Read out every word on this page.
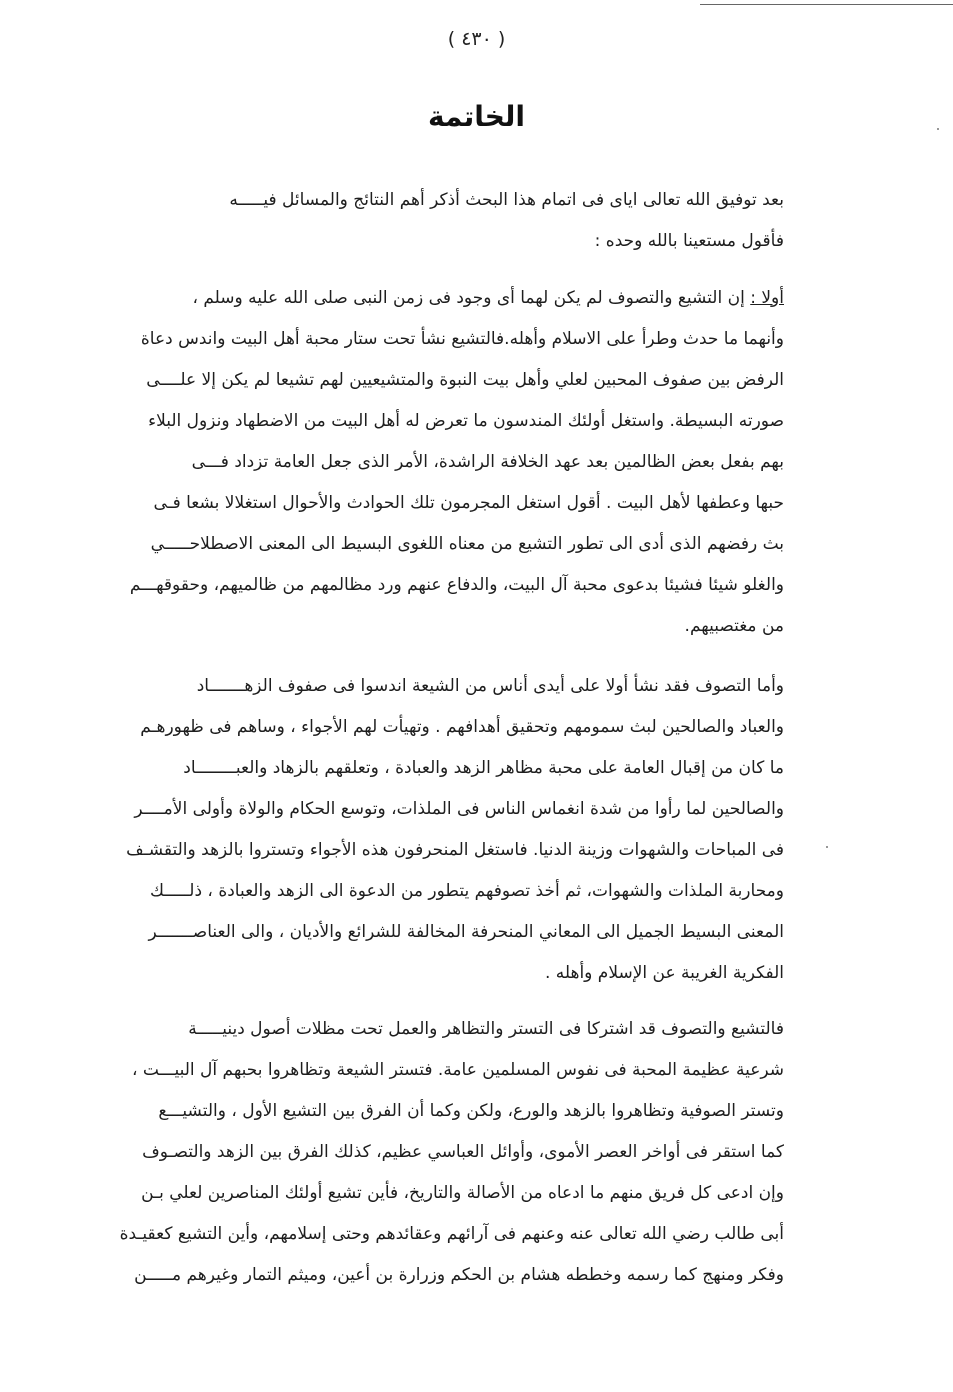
( ٤٣٠ )
الخاتمة

بعد توفيق الله تعالى اياى فى اتمام هذا البحث أذكر أهم النتائج والمسائل فيـــــه
فأقول مستعينا بالله وحده :

أولا : إن التشيع والتصوف لم يكن لهما أى وجود فى زمن النبى صلى الله عليه وسلم ،
وأنهما ما حدث وطرأ على الاسلام وأهله.فالتشيع نشأ تحت ستار محبة أهل البيت واندس دعاة
الرفض بين صفوف المحبين لعلي وأهل بيت النبوة والمتشيعيين لهم تشيعا لم يكن إلا علــــى
صورته البسيطة. واستغل أولئك المندسون ما تعرض له أهل البيت من الاضطهاد ونزول البلاء
بهم بفعل بعض الظالمين بعد عهد الخلافة الراشدة، الأمر الذى جعل العامة تزداد فـــى
حبها وعطفها لأهل البيت . أقول استغل المجرمون تلك الحوادث والأحوال استغلالا بشعا فـى
بث رفضهم الذى أدى الى تطور التشيع من معناه اللغوى البسيط الى المعنى الاصطلاحـــــي
والغلو شيئا فشيئا بدعوى محبة آل البيت، والدفاع عنهم ورد مظالمهم من ظالميهم، وحقوقهـــم
من مغتصبيهم.

وأما التصوف فقد نشأ أولا على أيدى أناس من الشيعة اندسوا فى صفوف الزهـــــــاد
والعباد والصالحين لبث سمومهم وتحقيق أهدافهم . وتهيأت لهم الأجواء ، وساهم فى ظهورهـم
ما كان من إقبال العامة على محبة مظاهر الزهد والعبادة ، وتعلقهم بالزهاد والعبــــــــاد
والصالحين لما رأوا من شدة انغماس الناس فى الملذات، وتوسع الحكام والولاة وأولى الأمــــر
فى المباحات والشهوات وزينة الدنيا. فاستغل المنحرفون هذه الأجواء وتستروا بالزهد والتقشـف
ومحاربة الملذات والشهوات، ثم أخذ تصوفهم يتطور من الدعوة الى الزهد والعبادة ، ذلـــــك
المعنى البسيط الجميل الى المعاني المنحرفة المخالفة للشرائع والأديان ، والى العناصـــــــر
الفكرية الغريبة عن الإسلام وأهله .

فالتشيع والتصوف قد اشتركا فى التستر والتظاهر والعمل تحت مظلات أصول دينيـــــة
شرعية عظيمة المحبة فى نفوس المسلمين عامة. فتستر الشيعة وتظاهروا بحبهم آل البيـــت ،
وتستر الصوفية وتظاهروا بالزهد والورع، ولكن وكما أن الفرق بين التشيع الأول ، والتشيـــع
كما استقر فى أواخر العصر الأموى، وأوائل العباسي عظيم، كذلك الفرق بين الزهد والتصـوف
وإن ادعى كل فريق منهم ما ادعاه من الأصالة والتاريخ، فأين تشيع أولئك المناصرين لعلي بـن
أبى طالب رضي الله تعالى عنه وعنهم فى آرائهم وعقائدهم وحتى إسلامهم، وأين التشيع كعقيـدة
وفكر ومنهج كما رسمه وخططه هشام بن الحكم وزرارة بن أعين، وميثم التمار وغيرهم مـــــن
